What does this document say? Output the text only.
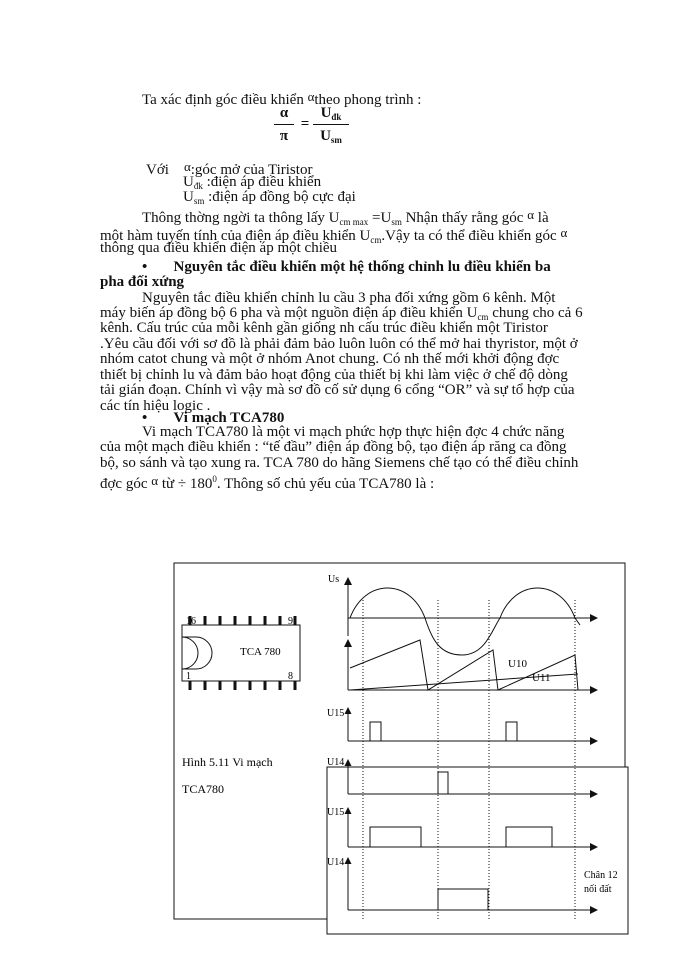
Ta xác định góc điều khiển αtheo phong trình :
α
π
=
$U_{đk}$
$U_{sm}$
Với α:góc mở của Tiristor
$U_{đk}$ :điện áp điều khiển
$U_{sm}$ :điện áp đồng bộ cực đại
Thông thờng ngời ta thông lấy $U_{cm max} =U_{sm}$ Nhận thấy rằng góc α là
một hàm tuyến tính của điện áp điều khiển $U_{cm}.Vậy$ ta có thể điều khiển góc α
thông qua điều khiển điện áp một chiều
• Nguyên tắc điều khiển một hệ thống chỉnh lu điều khiển ba
pha đối xứng
Nguyên tắc điều khiển chỉnh lu cầu 3 pha đối xứng gồm 6 kênh. Một
máy biến áp đồng bộ 6 pha và một nguồn điện áp điều khiển $U_{cm}$ chung cho cả 6
kênh. Cấu trúc của mỗi kênh gần giống nh cấu trúc điều khiển một Tiristor
.Yêu cầu đối với sơ đồ là phải đảm bảo luôn luôn có thể mở hai thyristor, một ở
nhóm catot chung và một ở nhóm Anot chung. Có nh thế mới khởi động đợc
thiết bị chỉnh lu và đảm bảo hoạt động của thiết bị khi làm việc ở chế độ dòng
tải gián đoạn. Chính vì vậy mà sơ đồ cố sử dụng 6 cổng “OR” và sự tổ hợp của
các tín hiệu logic .
• Vi mạch TCA780
Vi mạch TCA780 là một vi mạch phức hợp thực hiện đợc 4 chức năng
của một mạch điều khiển : “tế đầu” điện áp đồng bộ, tạo điện áp răng ca đồng
bộ, so sánh và tạo xung ra. TCA 780 do hãng Siemens chế tạo có thể điều chỉnh
đợc góc α từ ÷ $180^0$. Thông số chủ yếu của TCA780 là :
TCA 780
16	9
1	8
Hình 5.11 Vi mạch
TCA780
Us
U10
U11
U15
U14
U15
U14
Chân 12
nối đất
